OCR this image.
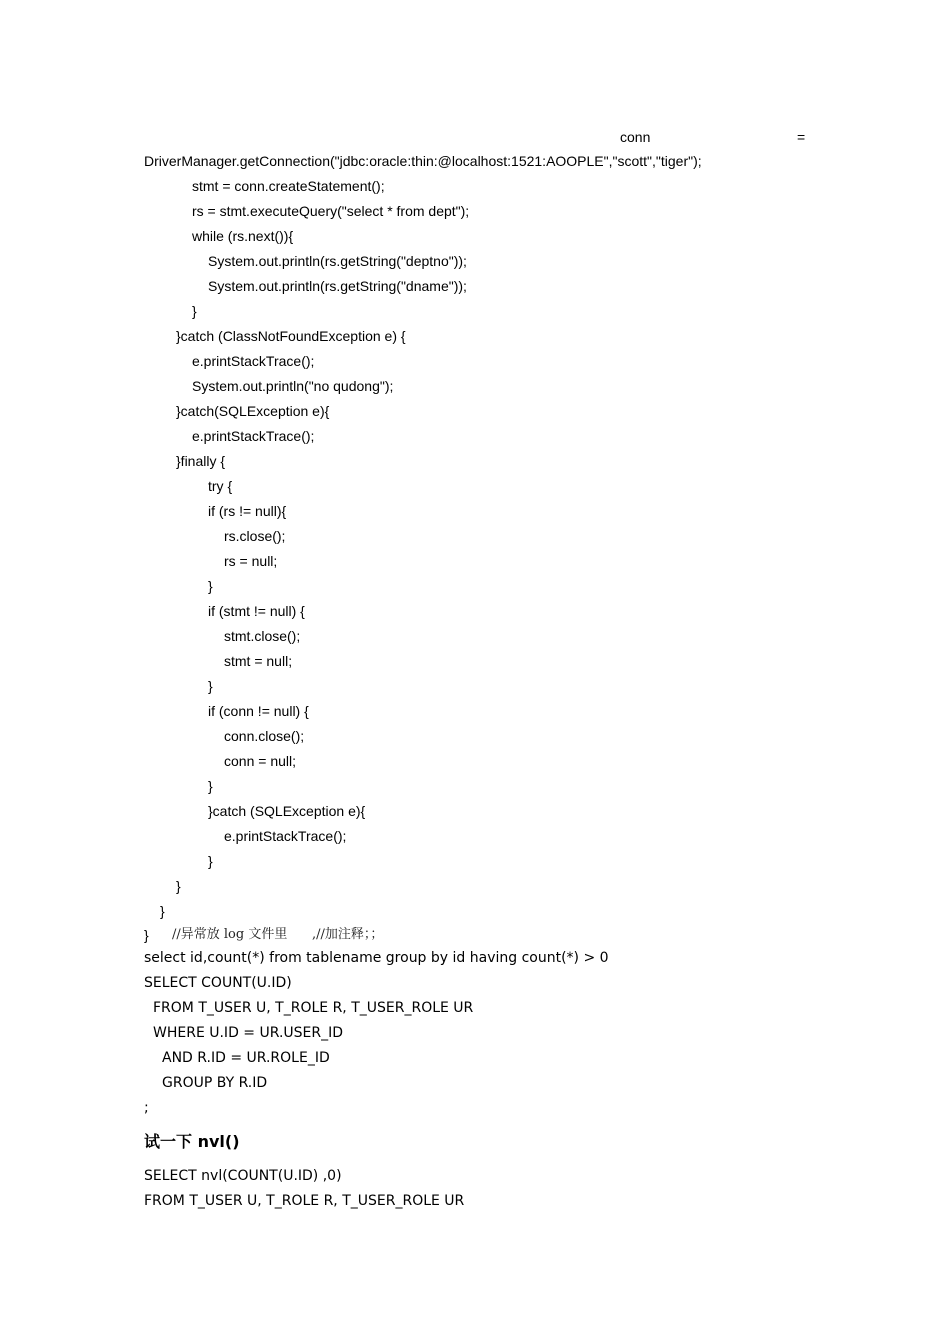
conn	=
DriverManager.getConnection("jdbc:oracle:thin:@localhost:1521:AOOPLE","scott","tiger");
stmt = conn.createStatement();
rs = stmt.executeQuery("select * from dept");
while (rs.next()){
System.out.println(rs.getString("deptno"));
System.out.println(rs.getString("dname"));
}
}catch (ClassNotFoundException e) {
e.printStackTrace();
System.out.println("no qudong");
}catch(SQLException e){
e.printStackTrace();
}finally {
try {
if (rs != null){
rs.close();
rs = null;
}
if (stmt != null) {
stmt.close();
stmt = null;
}
if (conn != null) {
conn.close();
conn = null;
}
}catch (SQLException e){
e.printStackTrace();
}
}
}
} //异常放 log 文件里 ,//加注释；；
select id,count(*) from tablename group by id having count(*) > 0
SELECT COUNT(U.ID)
FROM T_USER U, T_ROLE R, T_USER_ROLE UR
WHERE U.ID = UR.USER_ID
AND R.ID = UR.ROLE_ID
GROUP BY R.ID
;
试一下 nvl()
SELECT nvl(COUNT(U.ID) ,0)
FROM T_USER U, T_ROLE R, T_USER_ROLE UR
